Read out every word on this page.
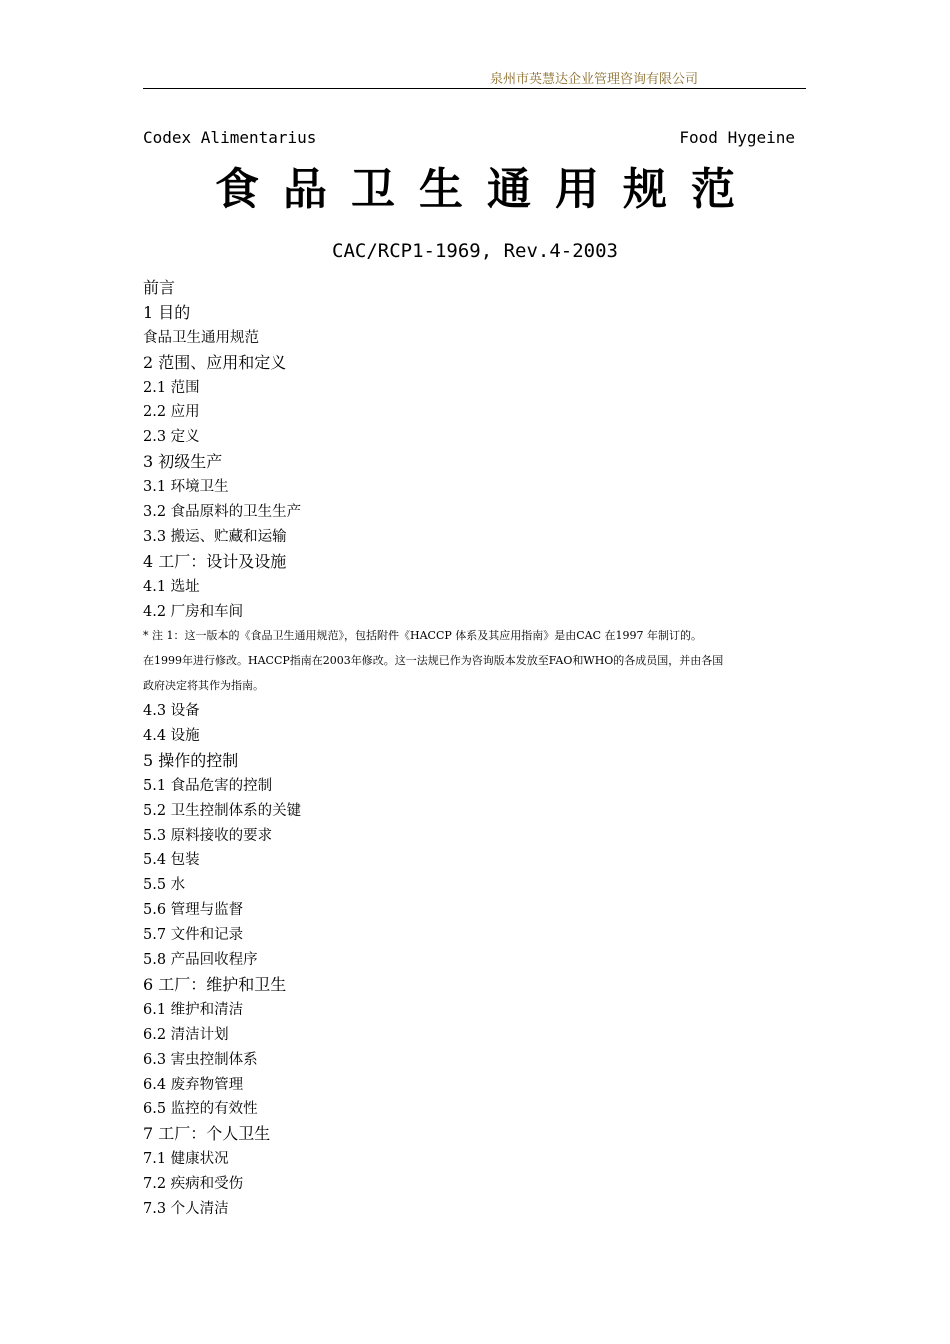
泉州市英慧达企业管理咨询有限公司
Codex Alimentarius	Food Hygeine
食品卫生通用规范
CAC/RCP1-1969, Rev.4-2003
前言
1 目的
食品卫生通用规范
2 范围、应用和定义
2.1 范围
2.2 应用
2.3 定义
3 初级生产
3.1 环境卫生
3.2 食品原料的卫生生产
3.3 搬运、贮藏和运输
4 工厂：设计及设施
4.1 选址
4.2 厂房和车间
* 注 1：这一版本的《食品卫生通用规范》，包括附件《HACCP 体系及其应用指南》是由CAC 在1997 年制订的。
在1999年进行修改。HACCP指南在2003年修改。这一法规已作为咨询版本发放至FAO和WHO的各成员国，并由各国
政府决定将其作为指南。
4.3 设备
4.4 设施
5 操作的控制
5.1 食品危害的控制
5.2 卫生控制体系的关键
5.3 原料接收的要求
5.4 包装
5.5 水
5.6 管理与监督
5.7 文件和记录
5.8 产品回收程序
6 工厂：维护和卫生
6.1 维护和清洁
6.2 清洁计划
6.3 害虫控制体系
6.4 废弃物管理
6.5 监控的有效性
7 工厂：个人卫生
7.1 健康状况
7.2 疾病和受伤
7.3 个人清洁
